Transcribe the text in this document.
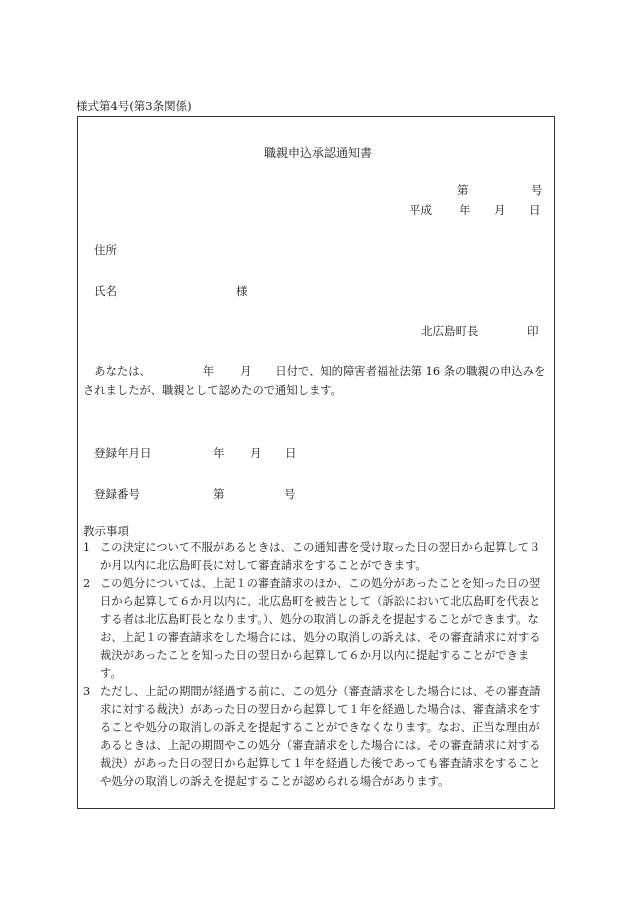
様式第4号(第3条関係)
職親申込承認通知書
第	号
平成 年 月 日
住所
氏名	様
北広島町長	印
あなたは、	年 月 日付で、知的障害者福祉法第 16 条の職親の申込みをされましたが、職親として認めたので通知します。
登録年月日	年 月 日
登録番号	第	号
教示事項
1 この決定について不服があるときは、この通知書を受け取った日の翌日から起算して３か月以内に北広島町長に対して審査請求をすることができます。
2 この処分については、上記１の審査請求のほか、この処分があったことを知った日の翌日から起算して６か月以内に、北広島町を被告として（訴訟において北広島町を代表とする者は北広島町長となります。）、処分の取消しの訴えを提起することができます。なお、上記１の審査請求をした場合には、処分の取消しの訴えは、その審査請求に対する裁決があったことを知った日の翌日から起算して６か月以内に提起することができます。
3 ただし、上記の期間が経過する前に、この処分（審査請求をした場合には、その審査請求に対する裁決）があった日の翌日から起算して１年を経過した場合は、審査請求をすることや処分の取消しの訴えを提起することができなくなります。なお、正当な理由があるときは、上記の期間やこの処分（審査請求をした場合には、その審査請求に対する裁決）があった日の翌日から起算して１年を経過した後であっても審査請求をすることや処分の取消しの訴えを提起することが認められる場合があります。
